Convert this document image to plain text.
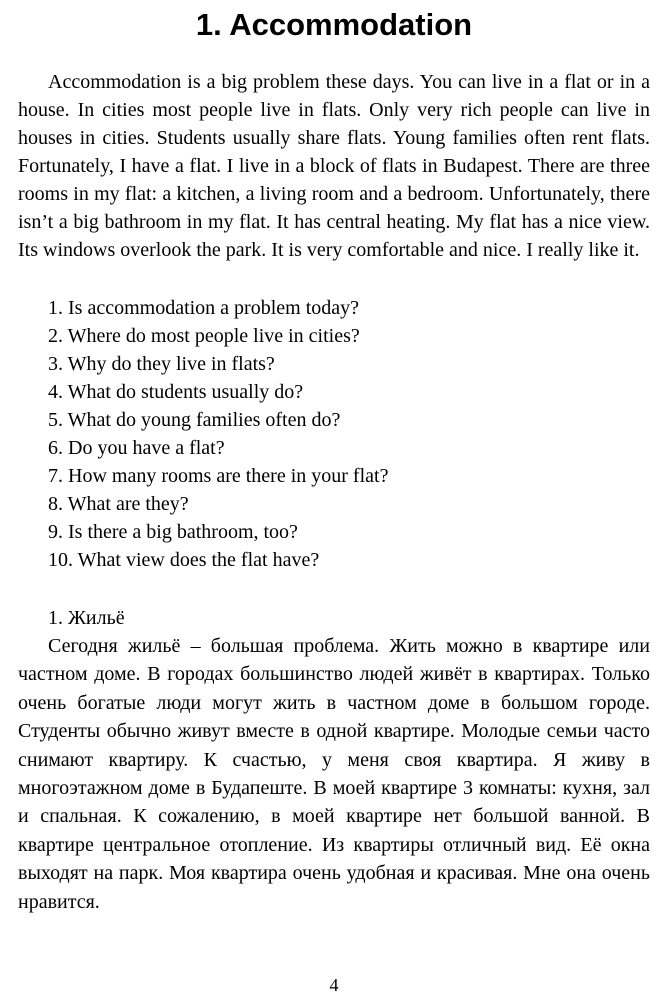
1. Accommodation

Accommodation is a big problem these days. You can live in a flat or in a house. In cities most people live in flats. Only very rich people can live in houses in cities. Students usually share flats. Young families often rent flats. Fortunately, I have a flat. I live in a block of flats in Budapest. There are three rooms in my flat: a kitchen, a living room and a bedroom. Unfortunately, there isn’t a big bathroom in my flat. It has central heating. My flat has a nice view. Its windows overlook the park. It is very comfortable and nice. I really like it.

1. Is accommodation a problem today?
2. Where do most people live in cities?
3. Why do they live in flats?
4. What do students usually do?
5. What do young families often do?
6. Do you have a flat?
7. How many rooms are there in your flat?
8. What are they?
9. Is there a big bathroom, too?
10. What view does the flat have?

1. Жильё

Сегодня жильё – большая проблема. Жить можно в квартире или частном доме. В городах большинство людей живёт в квартирах. Только очень богатые люди могут жить в частном доме в большом городе. Студенты обычно живут вместе в одной квартире. Молодые семьи часто снимают квартиру. К счастью, у меня своя квартира. Я живу в многоэтажном доме в Будапеште. В моей квартире 3 комнаты: кухня, зал и спальная. К сожалению, в моей квартире нет большой ванной. В квартире центральное отопление. Из квартиры отличный вид. Её окна выходят на парк. Моя квартира очень удобная и красивая. Мне она очень нравится.

4
